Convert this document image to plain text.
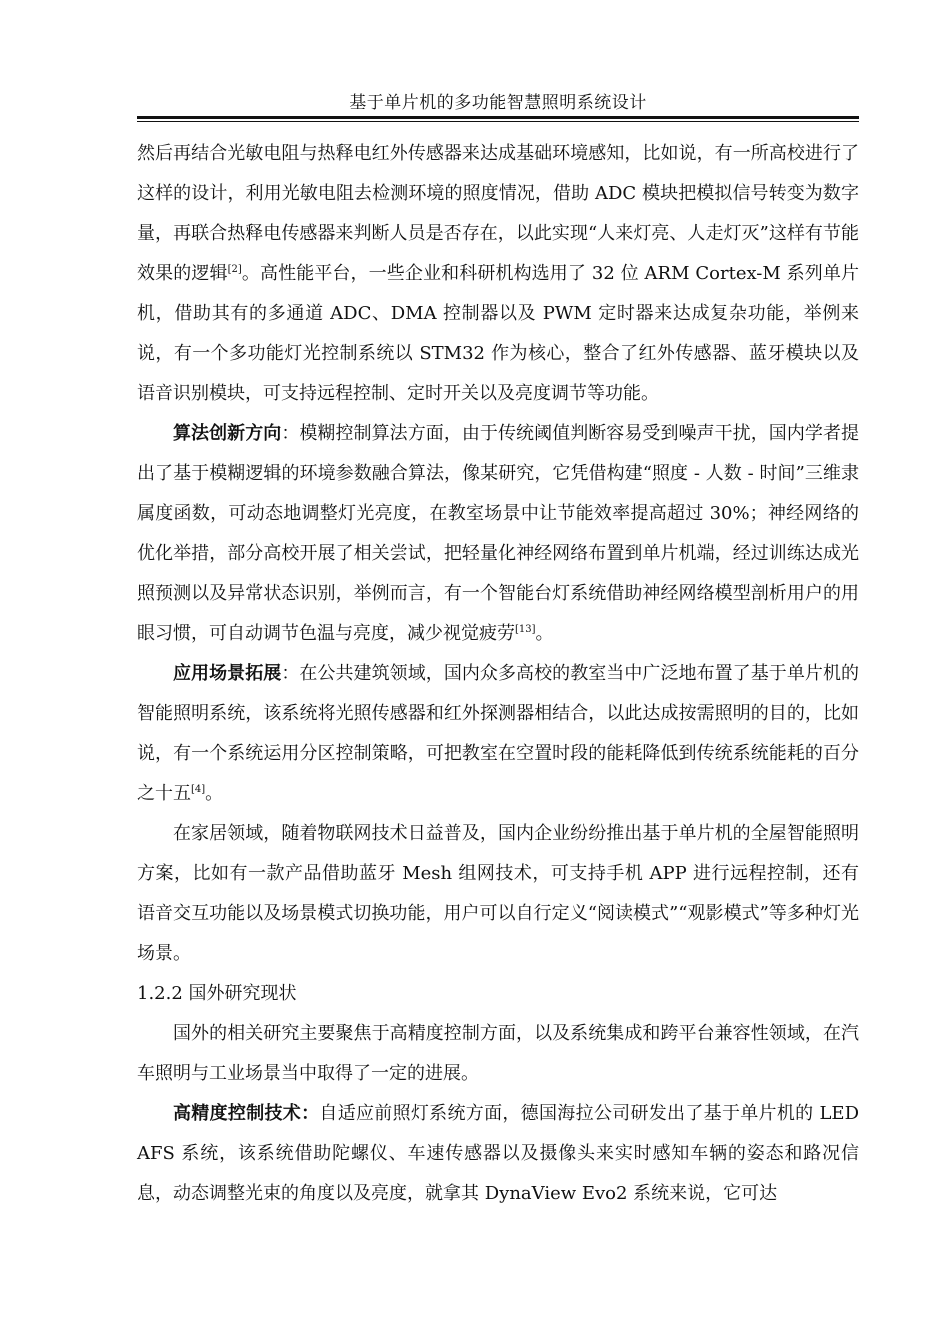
基于单片机的多功能智慧照明系统设计

然后再结合光敏电阻与热释电红外传感器来达成基础环境感知，比如说，有一所高校进行了这样的设计，利用光敏电阻去检测环境的照度情况，借助 ADC 模块把模拟信号转变为数字量，再联合热释电传感器来判断人员是否存在，以此实现“人来灯亮、人走灯灭”这样有节能效果的逻辑[2]。高性能平台，一些企业和科研机构选用了 32 位 ARM Cortex-M 系列单片机，借助其有的多通道 ADC、DMA 控制器以及 PWM 定时器来达成复杂功能，举例来说，有一个多功能灯光控制系统以 STM32 作为核心，整合了红外传感器、蓝牙模块以及语音识别模块，可支持远程控制、定时开关以及亮度调节等功能。

算法创新方向：模糊控制算法方面，由于传统阈值判断容易受到噪声干扰，国内学者提出了基于模糊逻辑的环境参数融合算法，像某研究，它凭借构建“照度 - 人数 - 时间”三维隶属度函数，可动态地调整灯光亮度，在教室场景中让节能效率提高超过 30%；神经网络的优化举措，部分高校开展了相关尝试，把轻量化神经网络布置到单片机端，经过训练达成光照预测以及异常状态识别，举例而言，有一个智能台灯系统借助神经网络模型剖析用户的用眼习惯，可自动调节色温与亮度，减少视觉疲劳[13]。

应用场景拓展：在公共建筑领域，国内众多高校的教室当中广泛地布置了基于单片机的智能照明系统，该系统将光照传感器和红外探测器相结合，以此达成按需照明的目的，比如说，有一个系统运用分区控制策略，可把教室在空置时段的能耗降低到传统系统能耗的百分之十五[4]。

在家居领域，随着物联网技术日益普及，国内企业纷纷推出基于单片机的全屋智能照明方案，比如有一款产品借助蓝牙 Mesh 组网技术，可支持手机 APP 进行远程控制，还有语音交互功能以及场景模式切换功能，用户可以自行定义“阅读模式”“观影模式”等多种灯光场景。

1.2.2 国外研究现状

国外的相关研究主要聚焦于高精度控制方面，以及系统集成和跨平台兼容性领域，在汽车照明与工业场景当中取得了一定的进展。

高精度控制技术：自适应前照灯系统方面，德国海拉公司研发出了基于单片机的 LED AFS 系统，该系统借助陀螺仪、车速传感器以及摄像头来实时感知车辆的姿态和路况信息，动态调整光束的角度以及亮度，就拿其 DynaView Evo2 系统来说，它可达
